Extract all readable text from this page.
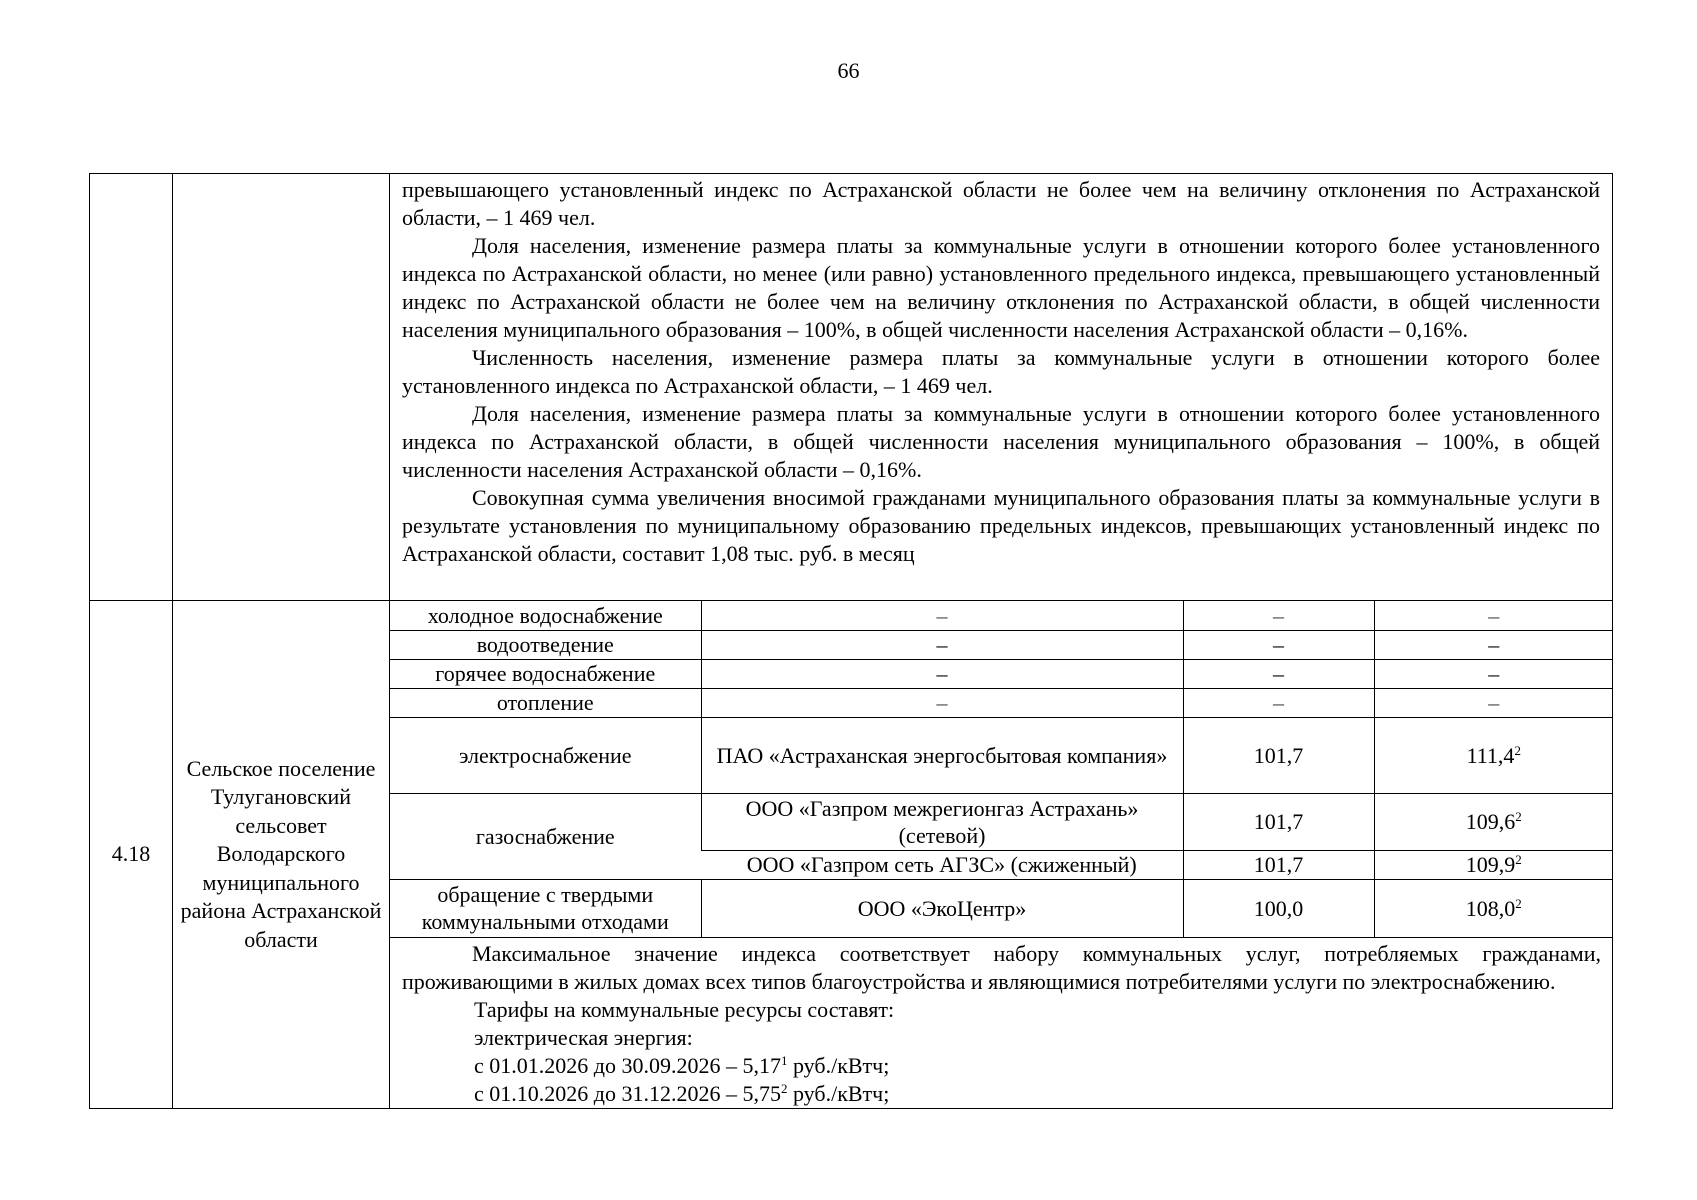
66

превышающего установленный индекс по Астраханской области не более чем на величину отклонения по Астраханской области, – 1 469 чел.

Доля населения, изменение размера платы за коммунальные услуги в отношении которого более установленного индекса по Астраханской области, но менее (или равно) установленного предельного индекса, превышающего установленный индекс по Астраханской области не более чем на величину отклонения по Астраханской области, в общей численности населения муниципального образования – 100%, в общей численности населения Астраханской области – 0,16%.

Численность населения, изменение размера платы за коммунальные услуги в отношении которого более установленного индекса по Астраханской области, – 1 469 чел.

Доля населения, изменение размера платы за коммунальные услуги в отношении которого более установленного индекса по Астраханской области, в общей численности населения муниципального образования – 100%, в общей численности населения Астраханской области – 0,16%.

Совокупная сумма увеличения вносимой гражданами муниципального образования платы за коммунальные услуги в результате установления по муниципальному образованию предельных индексов, превышающих установленный индекс по Астраханской области, составит 1,08 тыс. руб. в месяц

4.18	Сельское поселение Тулугановский сельсовет Володарского муниципального района Астраханской области	
холодное водоснабжение	–	–	–
водоотведение	–	–	–
горячее водоснабжение	–	–	–
отопление	–	–	–
электроснабжение	ПАО «Астраханская энергосбытовая компания»	101,7	111,4$^2$
газоснабжение	ООО «Газпром межрегионгаз Астрахань» (сетевой)	101,7	109,6$^2$
ООО «Газпром сеть АГЗС» (сжиженный)	101,7	109,9$^2$
обращение с твердыми коммунальными отходами	ООО «ЭкоЦентр»	100,0	108,0$^2$

Максимальное значение индекса соответствует набору коммунальных услуг, потребляемых гражданами, проживающими в жилых домах всех типов благоустройства и являющимися потребителями услуги по электроснабжению.

Тарифы на коммунальные ресурсы составят:

электрическая энергия:

с 01.01.2026 до 30.09.2026 – 5,17$^1$ руб./кВтч;

с 01.10.2026 до 31.12.2026 – 5,75$^2$ руб./кВтч;
